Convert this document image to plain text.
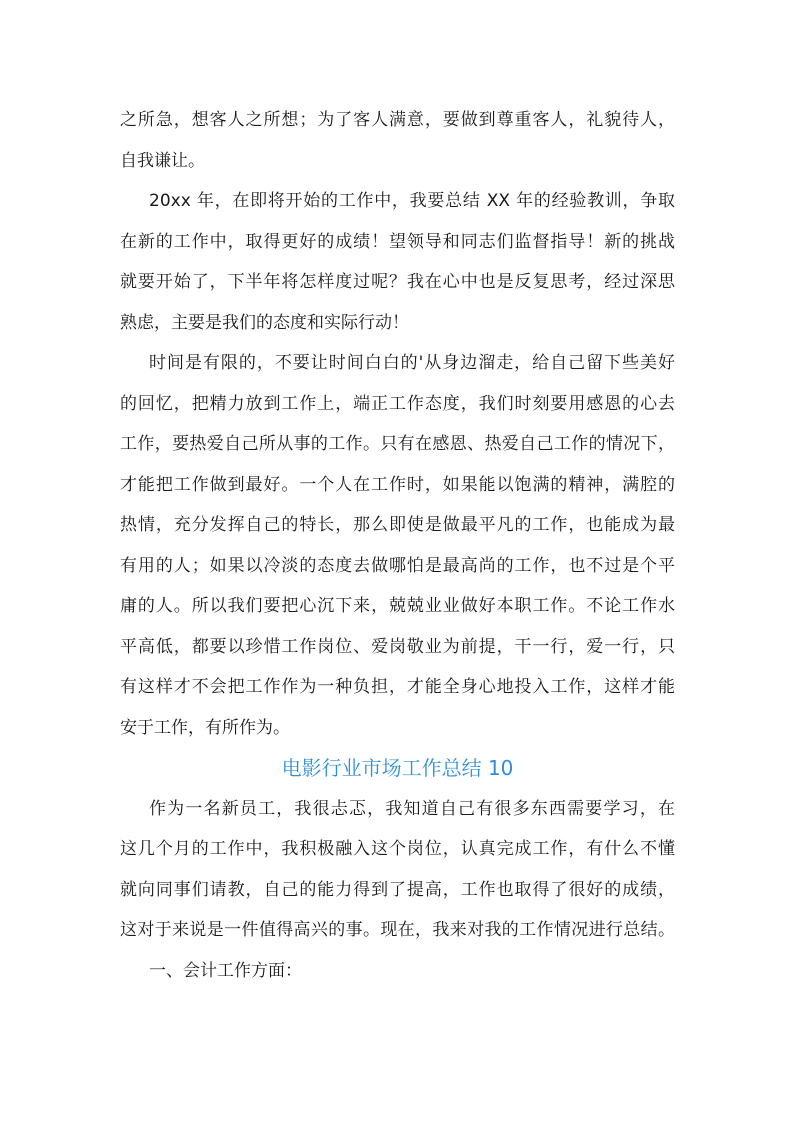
之所急，想客人之所想；为了客人满意，要做到尊重客人，礼貌待人，
自我谦让。
20xx 年，在即将开始的工作中，我要总结 XX 年的经验教训，争取
在新的工作中，取得更好的成绩！望领导和同志们监督指导！新的挑战
就要开始了，下半年将怎样度过呢？我在心中也是反复思考，经过深思
熟虑，主要是我们的态度和实际行动！
时间是有限的，不要让时间白白的'从身边溜走，给自己留下些美好
的回忆，把精力放到工作上，端正工作态度，我们时刻要用感恩的心去
工作，要热爱自己所从事的工作。只有在感恩、热爱自己工作的情况下，
才能把工作做到最好。一个人在工作时，如果能以饱满的精神，满腔的
热情，充分发挥自己的特长，那么即使是做最平凡的工作，也能成为最
有用的人；如果以冷淡的态度去做哪怕是最高尚的工作，也不过是个平
庸的人。所以我们要把心沉下来，兢兢业业做好本职工作。不论工作水
平高低，都要以珍惜工作岗位、爱岗敬业为前提，干一行，爱一行，只
有这样才不会把工作作为一种负担，才能全身心地投入工作，这样才能
安于工作，有所作为。
电影行业市场工作总结 10
作为一名新员工，我很忐忑，我知道自己有很多东西需要学习，在
这几个月的工作中，我积极融入这个岗位，认真完成工作，有什么不懂
就向同事们请教，自己的能力得到了提高，工作也取得了很好的成绩，
这对于来说是一件值得高兴的事。现在，我来对我的工作情况进行总结。
一、会计工作方面：
